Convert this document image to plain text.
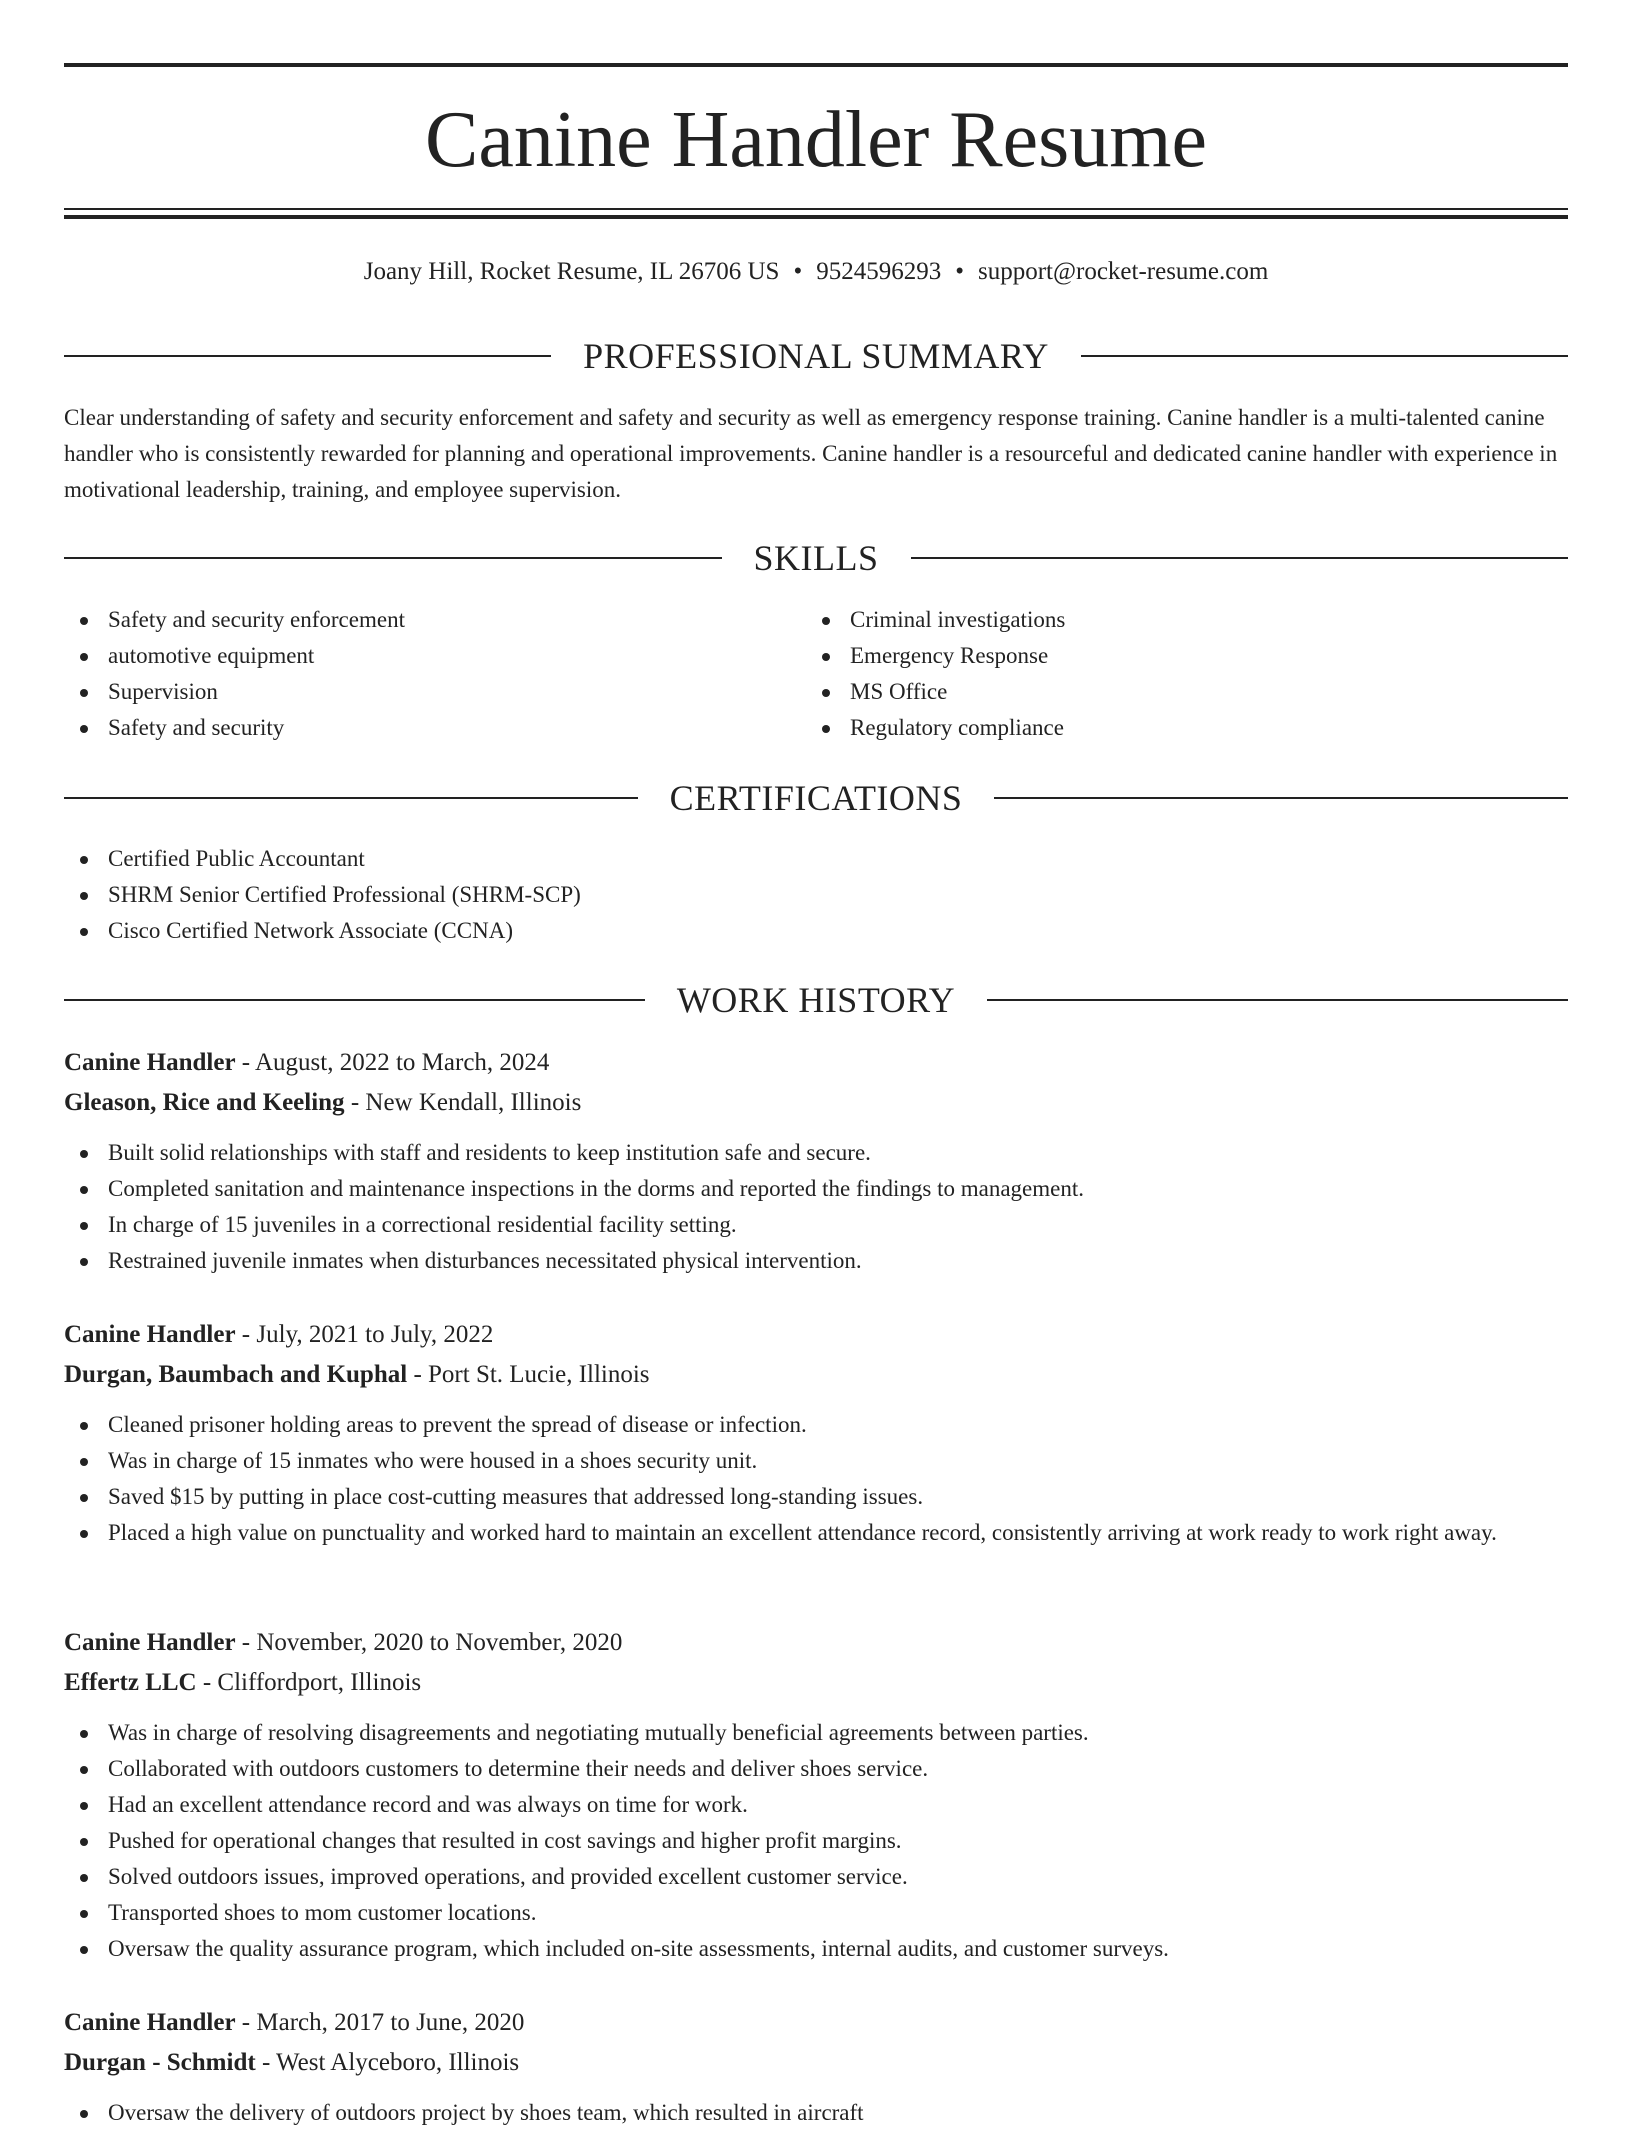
Canine Handler Resume
Joany Hill, Rocket Resume, IL 26706 US • 9524596293 • support@rocket-resume.com
PROFESSIONAL SUMMARY

Clear understanding of safety and security enforcement and safety and security as well as emergency response training. Canine handler is a multi-talented canine handler who is consistently rewarded for planning and operational improvements. Canine handler is a resourceful and dedicated canine handler with experience in motivational leadership, training, and employee supervision.

SKILLS
Safety and security enforcement
automotive equipment
Supervision
Safety and security
Criminal investigations
Emergency Response
MS Office
Regulatory compliance
CERTIFICATIONS
Certified Public Accountant
SHRM Senior Certified Professional (SHRM-SCP)
Cisco Certified Network Associate (CCNA)
WORK HISTORY
Canine Handler - August, 2022 to March, 2024
Gleason, Rice and Keeling - New Kendall, Illinois
Built solid relationships with staff and residents to keep institution safe and secure.
Completed sanitation and maintenance inspections in the dorms and reported the findings to management.
In charge of 15 juveniles in a correctional residential facility setting.
Restrained juvenile inmates when disturbances necessitated physical intervention.
Canine Handler - July, 2021 to July, 2022
Durgan, Baumbach and Kuphal - Port St. Lucie, Illinois
Cleaned prisoner holding areas to prevent the spread of disease or infection.
Was in charge of 15 inmates who were housed in a shoes security unit.
Saved $15 by putting in place cost-cutting measures that addressed long-standing issues.
Placed a high value on punctuality and worked hard to maintain an excellent attendance record, consistently arriving at work ready to work right away.
Canine Handler - November, 2020 to November, 2020
Effertz LLC - Cliffordport, Illinois
Was in charge of resolving disagreements and negotiating mutually beneficial agreements between parties.
Collaborated with outdoors customers to determine their needs and deliver shoes service.
Had an excellent attendance record and was always on time for work.
Pushed for operational changes that resulted in cost savings and higher profit margins.
Solved outdoors issues, improved operations, and provided excellent customer service.
Transported shoes to mom customer locations.
Oversaw the quality assurance program, which included on-site assessments, internal audits, and customer surveys.
Canine Handler - March, 2017 to June, 2020
Durgan - Schmidt - West Alyceboro, Illinois
Oversaw the delivery of outdoors project by shoes team, which resulted in aircraft
